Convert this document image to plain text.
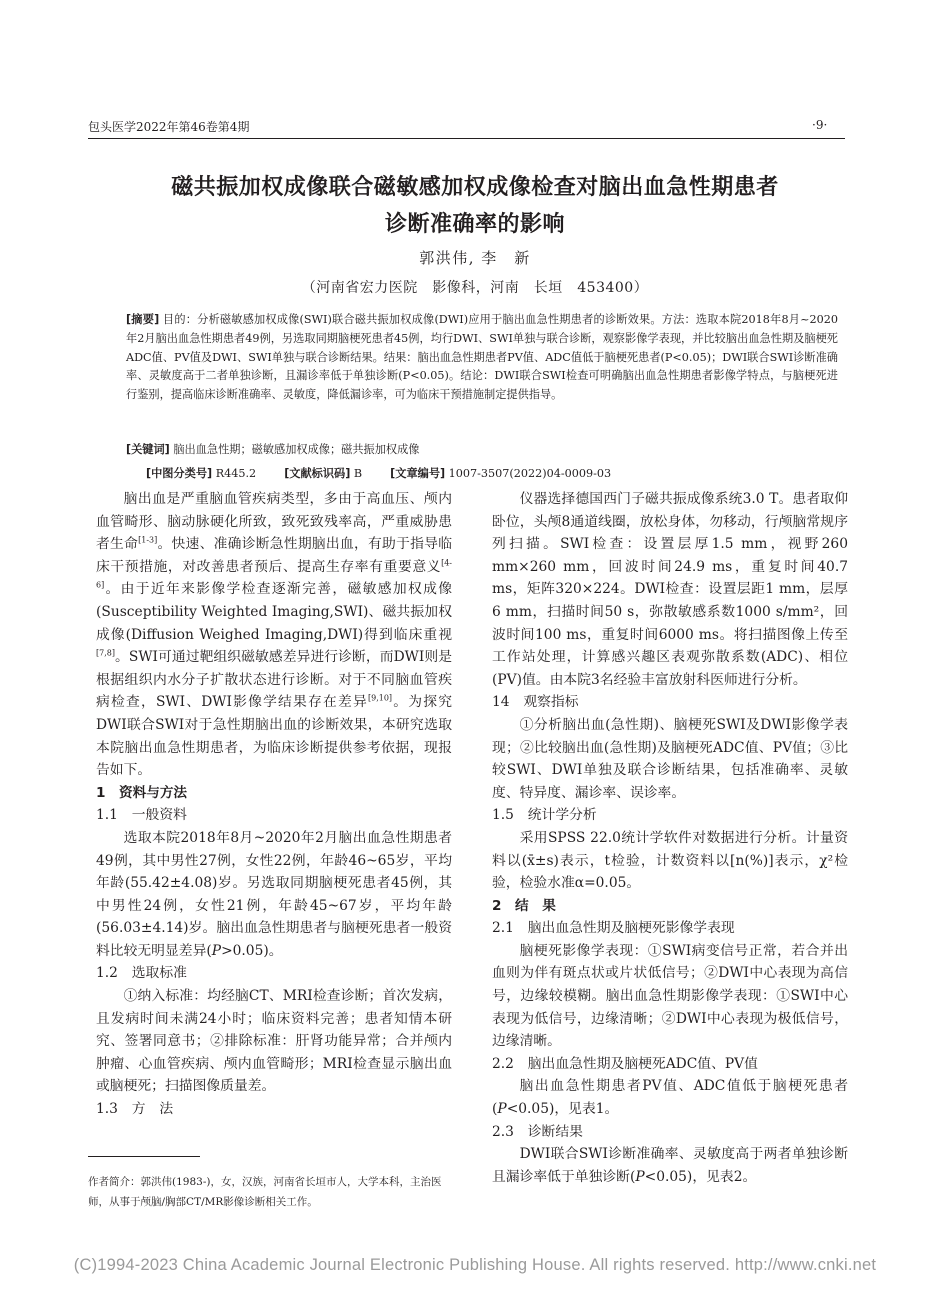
包头医学2022年第46卷第4期	·9·
磁共振加权成像联合磁敏感加权成像检查对脑出血急性期患者
诊断准确率的影响
郭洪伟, 李　新
（河南省宏力医院　影像科，河南　长垣　453400）
[摘要] 目的：分析磁敏感加权成像(SWI)联合磁共振加权成像(DWI)应用于脑出血急性期患者的诊断效果。方法：选取本院2018年8月~2020年2月脑出血急性期患者49例，另选取同期脑梗死患者45例，均行DWI、SWI单独与联合诊断，观察影像学表现，并比较脑出血急性期及脑梗死ADC值、PV值及DWI、SWI单独与联合诊断结果。结果：脑出血急性期患者PV值、ADC值低于脑梗死患者(P<0.05)；DWI联合SWI诊断准确率、灵敏度高于二者单独诊断，且漏诊率低于单独诊断(P<0.05)。结论：DWI联合SWI检查可明确脑出血急性期患者影像学特点，与脑梗死进行鉴别，提高临床诊断准确率、灵敏度，降低漏诊率，可为临床干预措施制定提供指导。
[关键词] 脑出血急性期；磁敏感加权成像；磁共振加权成像
[中图分类号] R445.2	[文献标识码] B	[文章编号] 1007-3507(2022)04-0009-03

脑出血是严重脑血管疾病类型，多由于高血压、颅内血管畸形、脑动脉硬化所致，致死致残率高，严重威胁患者生命[1-3]。快速、准确诊断急性期脑出血，有助于指导临床干预措施，对改善患者预后、提高生存率有重要意义[4-6]。由于近年来影像学检查逐渐完善，磁敏感加权成像(Susceptibility Weighted Imaging,SWI)、磁共振加权成像(Diffusion Weighed Imaging,DWI)得到临床重视[7,8]。SWI可通过靶组织磁敏感差异进行诊断，而DWI则是根据组织内水分子扩散状态进行诊断。对于不同脑血管疾病检查，SWI、DWI影像学结果存在差异[9,10]。为探究DWI联合SWI对于急性期脑出血的诊断效果，本研究选取本院脑出血急性期患者，为临床诊断提供参考依据，现报告如下。

1　资料与方法
1.1　一般资料

选取本院2018年8月~2020年2月脑出血急性期患者49例，其中男性27例，女性22例，年龄46~65岁，平均年龄(55.42±4.08)岁。另选取同期脑梗死患者45例，其中男性24例，女性21例，年龄45~67岁，平均年龄(56.03±4.14)岁。脑出血急性期患者与脑梗死患者一般资料比较无明显差异(P>0.05)。

1.2　选取标准

①纳入标准：均经脑CT、MRI检查诊断；首次发病，且发病时间未满24小时；临床资料完善；患者知情本研究、签署同意书；②排除标准：肝肾功能异常；合并颅内肿瘤、心血管疾病、颅内血管畸形；MRI检查显示脑出血或脑梗死；扫描图像质量差。

1.3　方　法

仪器选择德国西门子磁共振成像系统3.0 T。患者取仰卧位，头颅8通道线圈，放松身体，勿移动，行颅脑常规序列扫描。SWI检查：设置层厚1.5 mm，视野260 mm×260 mm，回波时间24.9 ms，重复时间40.7 ms，矩阵320×224。DWI检查：设置层距1 mm，层厚6 mm，扫描时间50 s，弥散敏感系数1000 s/mm²，回波时间100 ms，重复时间6000 ms。将扫描图像上传至工作站处理，计算感兴趣区表观弥散系数(ADC)、相位(PV)值。由本院3名经验丰富放射科医师进行分析。

14　观察指标

①分析脑出血(急性期)、脑梗死SWI及DWI影像学表现；②比较脑出血(急性期)及脑梗死ADC值、PV值；③比较SWI、DWI单独及联合诊断结果，包括准确率、灵敏度、特异度、漏诊率、误诊率。

1.5　统计学分析

采用SPSS 22.0统计学软件对数据进行分析。计量资料以(x̄±s)表示，t检验，计数资料以[n(%)]表示，χ²检验，检验水准α=0.05。

2　结　果
2.1　脑出血急性期及脑梗死影像学表现

脑梗死影像学表现：①SWI病变信号正常，若合并出血则为伴有斑点状或片状低信号；②DWI中心表现为高信号，边缘较模糊。脑出血急性期影像学表现：①SWI中心表现为低信号，边缘清晰；②DWI中心表现为极低信号，边缘清晰。

2.2　脑出血急性期及脑梗死ADC值、PV值

脑出血急性期患者PV值、ADC值低于脑梗死患者(P<0.05)，见表1。

2.3　诊断结果

DWI联合SWI诊断准确率、灵敏度高于两者单独诊断且漏诊率低于单独诊断(P<0.05)，见表2。

作者简介：郭洪伟(1983-)，女，汉族，河南省长垣市人，大学本科，主治医师，从事于颅脑/胸部CT/MR影像诊断相关工作。
(C)1994-2023 China Academic Journal Electronic Publishing House. All rights reserved. http://www.cnki.net
